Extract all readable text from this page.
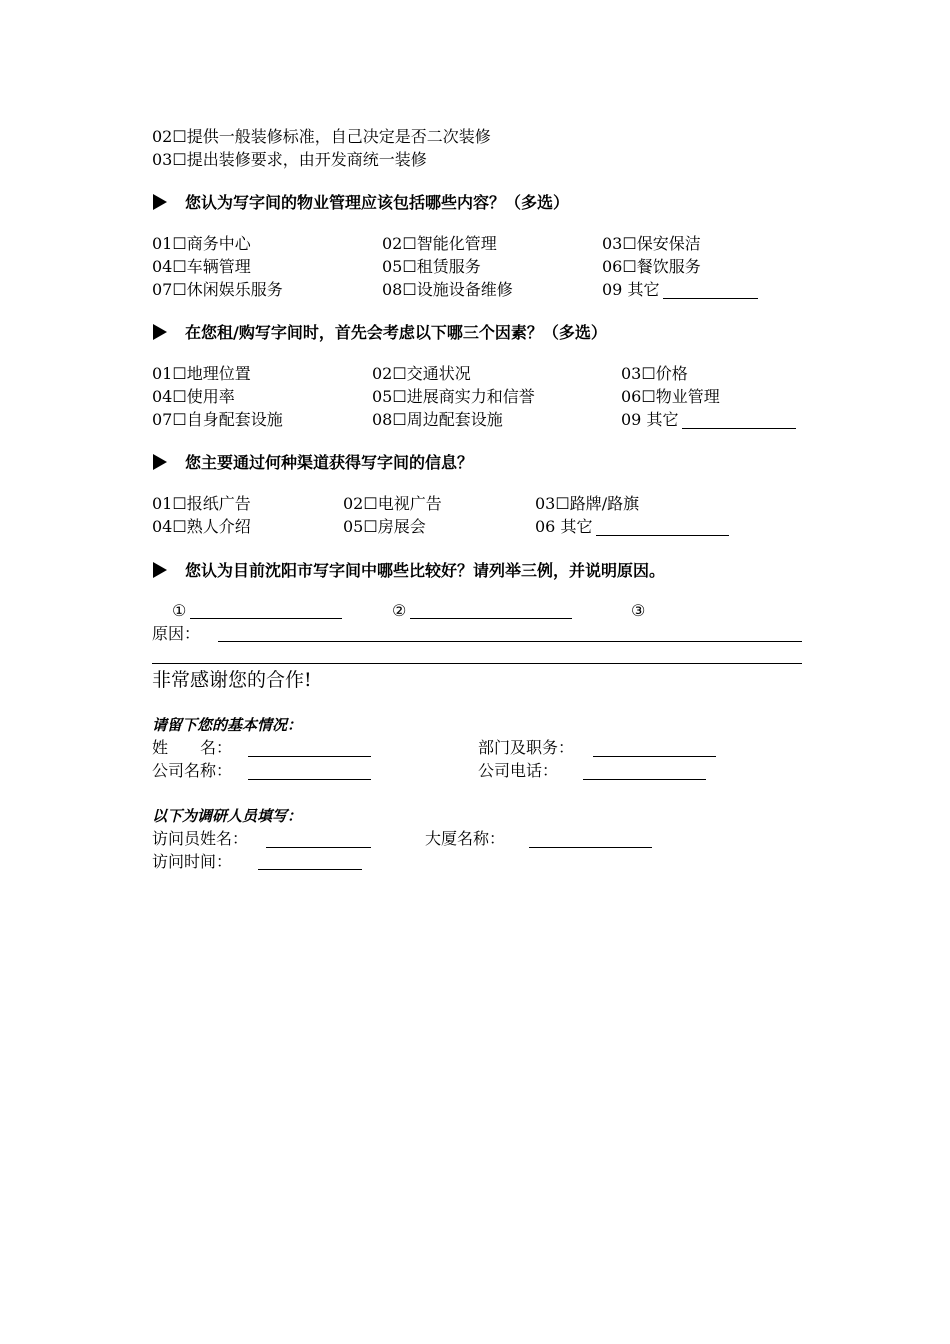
02☐提供一般装修标准，自己决定是否二次装修
03☐提出装修要求，由开发商统一装修
您认为写字间的物业管理应该包括哪些内容？（多选）
01☐商务中心	02☐智能化管理	03☐保安保洁
04☐车辆管理	05☐租赁服务	06☐餐饮服务
07☐休闲娱乐服务	08☐设施设备维修	09 其它
在您租/购写字间时，首先会考虑以下哪三个因素？（多选）
01☐地理位置	02☐交通状况	03☐价格
04☐使用率	05☐进展商实力和信誉	06☐物业管理
07☐自身配套设施	08☐周边配套设施	09 其它
您主要通过何种渠道获得写字间的信息？
01☐报纸广告	02☐电视广告	03☐路牌/路旗
04☐熟人介绍	05☐房展会	06 其它
您认为目前沈阳市写字间中哪些比较好？请列举三例，并说明原因。
①	②	③
原因：
非常感谢您的合作!
请留下您的基本情况：
姓　　名：	部门及职务：
公司名称：	公司电话：
以下为调研人员填写：
访问员姓名：	大厦名称：
访问时间：
